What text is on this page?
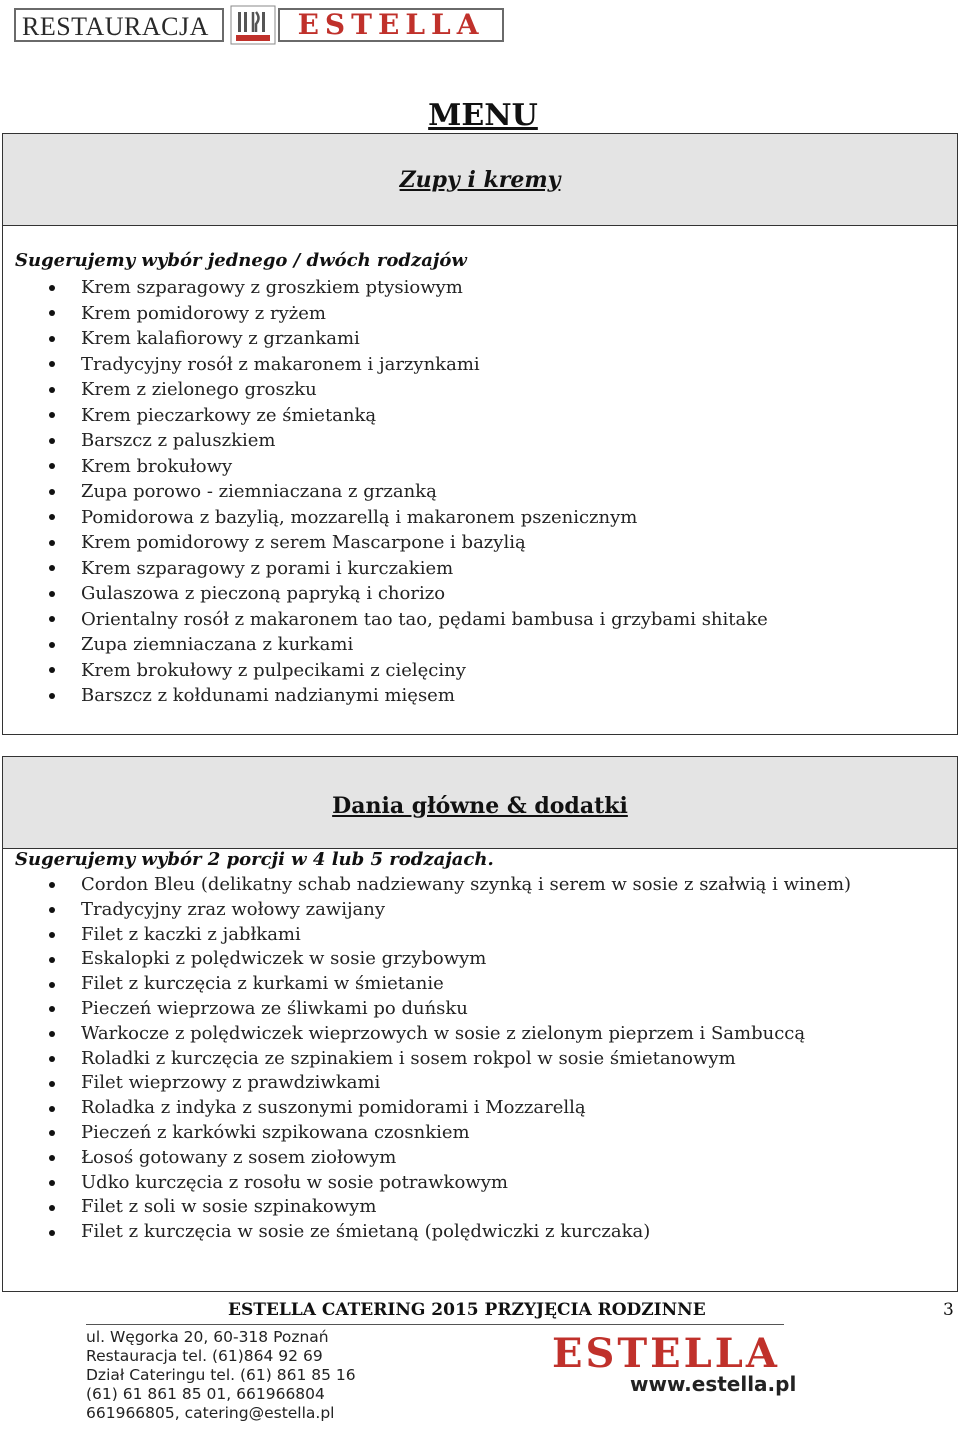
RESTAURACJA	ESTELLA
MENU
Zupy i kremy
Sugerujemy wybór jednego / dwóch rodzajów
Krem szparagowy z groszkiem ptysiowym
Krem pomidorowy z ryżem
Krem kalafiorowy z grzankami
Tradycyjny rosół z makaronem i jarzynkami
Krem z zielonego groszku
Krem pieczarkowy ze śmietanką
Barszcz z paluszkiem
Krem brokułowy
Zupa porowo - ziemniaczana z grzanką
Pomidorowa z bazylią, mozzarellą i makaronem pszenicznym
Krem pomidorowy z serem Mascarpone i bazylią
Krem szparagowy z porami i kurczakiem
Gulaszowa z pieczoną papryką i chorizo
Orientalny rosół z makaronem tao tao, pędami bambusa i grzybami shitake
Zupa ziemniaczana z kurkami
Krem brokułowy z pulpecikami z cielęciny
Barszcz z kołdunami nadzianymi mięsem
Dania główne & dodatki
Sugerujemy wybór 2 porcji w 4 lub 5 rodzajach.
Cordon Bleu (delikatny schab nadziewany szynką i serem w sosie z szałwią i winem)
Tradycyjny zraz wołowy zawijany
Filet z kaczki z jabłkami
Eskalopki z polędwiczek w sosie grzybowym
Filet z kurczęcia z kurkami w śmietanie
Pieczeń wieprzowa ze śliwkami po duńsku
Warkocze z polędwiczek wieprzowych w sosie z zielonym pieprzem i Sambuccą
Roladki z kurczęcia ze szpinakiem i sosem rokpol w sosie śmietanowym
Filet wieprzowy z prawdziwkami
Roladka z indyka z suszonymi pomidorami i Mozzarellą
Pieczeń z karkówki szpikowana czosnkiem
Łosoś gotowany z sosem ziołowym
Udko kurczęcia z rosołu w sosie potrawkowym
Filet z soli w sosie szpinakowym
Filet z kurczęcia w sosie ze śmietaną (polędwiczki z kurczaka)
ESTELLA CATERING 2015 PRZYJĘCIA RODZINNE	3
ul. Węgorka 20, 60-318 Poznań
Restauracja tel. (61)864 92 69
Dział Cateringu tel. (61) 861 85 16
(61) 61 861 85 01, 661966804
661966805, catering@estella.pl
ESTELLA
www.estella.pl
